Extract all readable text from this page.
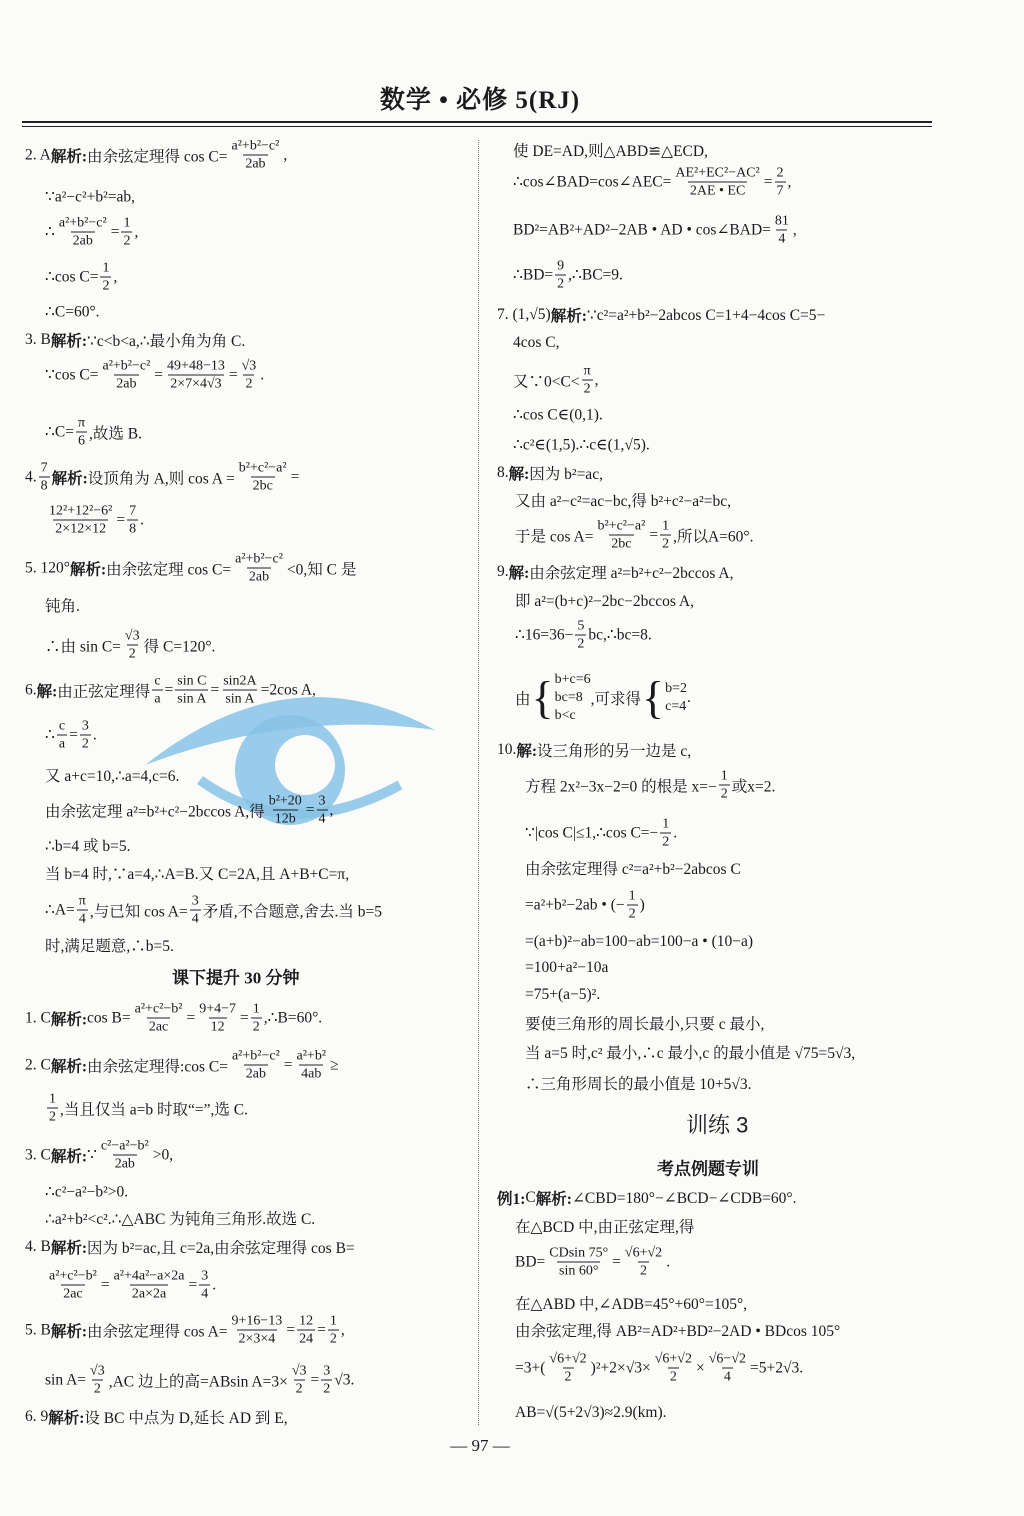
数学 • 必修 5(RJ)
2. A 解析: 由余弦定理得 $\cos C= \frac{\text{a²+b²−c²}}{2ab}$ ,
∵a²−c²+b²=ab,
∴ $\frac{\text{a²+b²−c²}}{2ab} = \frac{1}{2}$ ,
∴cos $C= \frac{1}{2}$ ,
∴C=60°.
3. B 解析: ∵c<b<a,∴最小角为角 C.
∵cos $C= \frac{\text{a²+b²−c²}}{2ab} = \frac{49+48-13}{2\times 7\times 4√3} = \frac{√3}{2}$ .
∴C= $\frac{\pi}{6}$ ,故选 B.
4. $\frac{7}{8}$ 解析: 设顶角为 A,则 $\cos A = \frac{\text{b²+c²−a²}}{2bc}$ =
$\frac{\text{12²+12²−6²}}{2\times 12\times 12} = \frac{7}{8}$ .
5. 120° 解析: 由余弦定理 $\cos C= \frac{\text{a²+b²−c²}}{2ab} <0$,知 C 是
钝角.
∴由 $\sin C= \frac{√3}{2}$ 得 C=120°.
6. 解: 由正弦定理得 $\frac{c}{a} = \frac{\text{sin C}}{\text{sin A}} = \frac{\sin 2A}{\text{sin A}} =2\cos$ A,
∴ $\frac{c}{a} = \frac{3}{2}$ .
又 a+c=10,∴a=4,c=6.
由余弦定理 a²=b²+c²−2bccos A,得 $\frac{\text{b²+20}}{12b} = \frac{3}{4}$ ,
∴b=4 或 b=5.
当 b=4 时,∵a=4,∴A=B.又 C=2A,且 A+B+C=π,
∴A= $\frac{\pi}{4}$ ,与已知 $\cos A= \frac{3}{4}$ 矛盾,不合题意,舍去.当 b=5
时,满足题意,∴b=5.
课下提升 30 分钟
1. C 解析: $\cos B= \frac{\text{a²+c²−b²}}{2ac} = \frac{9+4-7}{12} = \frac{1}{2}$ ,∴B=60°.
2. C 解析: 由余弦定理得:cos $C= \frac{\text{a²+b²−c²}}{2ab} = \frac{\text{a²+b²}}{4ab}$ ≥
$\frac{1}{2}$ ,当且仅当 a=b 时取“=”,选 C.
3. C 解析: ∵ $\frac{\text{c²−a²−b²}}{2ab} >0$,
∴c²−a²−b²>0.
∴a²+b²<c².∴△ABC 为钝角三角形.故选 C.
4. B 解析: 因为 b²=ac,且 c=2a,由余弦定理得 cos B=
$\frac{\text{a²+c²−b²}}{2ac} = \frac{\text{a²+4a²−a×2a}}{2a\times 2a} = \frac{3}{4}$ .
5. B 解析: 由余弦定理得 $\cos A= \frac{9+16-13}{2\times 3\times 4} = \frac{12}{24} = \frac{1}{2}$ ,
$\sin A= \frac{√3}{2} ,AC$ 边上的高=ABsin $A=3\times \frac{√3}{2} = \frac{3}{2} √3$.
6. 9 解析: 设 BC 中点为 D,延长 AD 到 E,
使 DE=AD,则△ABD≌△ECD,
∴cos∠BAD=cos∠AEC= $\frac{\text{AE²+EC²−AC²}}{2AE • EC} = \frac{2}{7}$ ,
BD²=AB²+AD²−2AB • AD • cos∠BAD= $\frac{81}{4}$ ,
∴BD= $\frac{9}{2}$ ,∴BC=9.
7. (1,√5) 解析: ∵c²=a²+b²−2abcos C=1+4−4cos C=5−
4cos C,
又∵0<C< $\frac{\pi}{2}$ ,
∴cos C∈(0,1).
∴c²∈(1,5).∴c∈(1,√5).
8. 解: 因为 b²=ac,
又由 a²−c²=ac−bc,得 b²+c²−a²=bc,
于是 $\cos A= \frac{\text{b²+c²−a²}}{2bc} = \frac{1}{2}$ ,所以A=60°.
9. 解: 由余弦定理 a²=b²+c²−2bccos A,
即 a²=(b+c)²−2bc−2bccos A,
∴16=36− $\frac{5}{2}$ bc,∴bc=8.
由 { b+c=6
bc=8
b<c
,可求得 { b=2
c=4
.
10. 解: 设三角形的另一边是 c,
方程 2x²−3x−2=0 的根是 $x=- \frac{1}{2}$ 或x=2.
∵|cos C|≤1,∴cos $C=- \frac{1}{2}$ .
由余弦定理得 c²=a²+b²−2abcos C
=a²+b²−2ab • (− $\frac{1}{2}$ )
=(a+b)²−ab=100−ab=100−a • (10−a)
=100+a²−10a
=75+(a−5)².
要使三角形的周长最小,只要 c 最小,
当 a=5 时,c² 最小,∴c 最小,c 的最小值是 √75=5√3,
∴三角形周长的最小值是 10+5√3.
训练 3
考点例题专训
例1: C 解析: ∠CBD=180°−∠BCD−∠CDB=60°.
在△BCD 中,由正弦定理,得
$BD= \frac{CDsin 75^\circ}{\sin 60^\circ} = \frac{√6+√2}{2}$ .
在△ABD 中,∠ADB=45°+60°=105°,
由余弦定理,得 AB²=AD²+BD²−2AD • BDcos 105°
$=3+( \frac{√6+√2}{2} )^2+2\times√3\times \frac{√6+√2}{2} \times \frac{√6-√2}{4} =5+2√3$.
AB=√(5+2√3)≈2.9(km).
— 97 —
